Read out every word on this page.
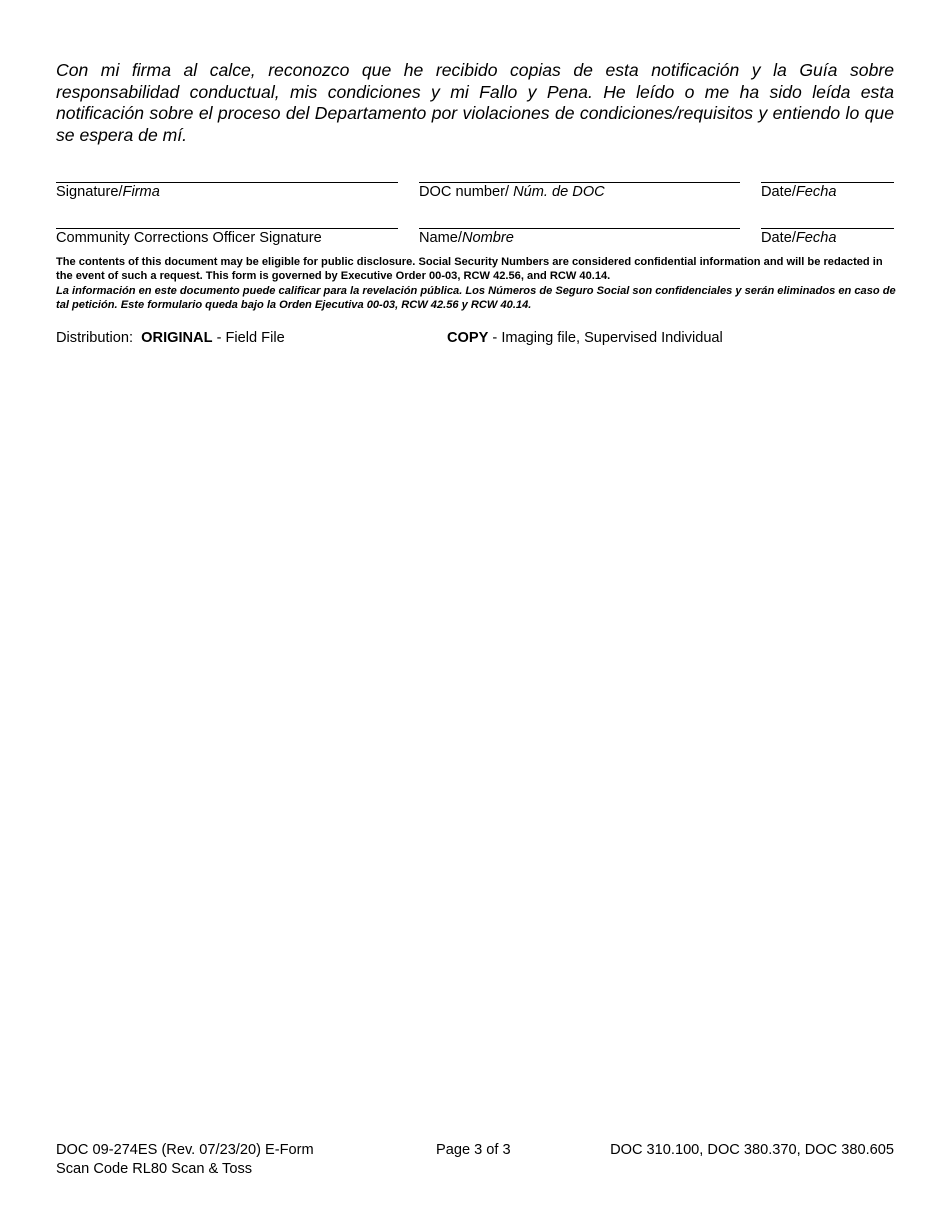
Con mi firma al calce, reconozco que he recibido copias de esta notificación y la Guía sobre responsabilidad conductual, mis condiciones y mi Fallo y Pena. He leído o me ha sido leída esta notificación sobre el proceso del Departamento por violaciones de condiciones/requisitos y entiendo lo que se espera de mí.

Signature/Firma	DOC number/ Núm. de DOC	Date/Fecha
Community Corrections Officer Signature	Name/Nombre	Date/Fecha

The contents of this document may be eligible for public disclosure. Social Security Numbers are considered confidential information and will be redacted in the event of such a request. This form is governed by Executive Order 00-03, RCW 42.56, and RCW 40.14.
La información en este documento puede calificar para la revelación pública. Los Números de Seguro Social son confidenciales y serán eliminados en caso de tal petición. Este formulario queda bajo la Orden Ejecutiva 00-03, RCW 42.56 y RCW 40.14.

Distribution:  ORIGINAL - Field File	COPY - Imaging file, Supervised Individual
DOC 09-274ES (Rev. 07/23/20) E-Form
Scan Code RL80 Scan & Toss
Page 3 of 3	DOC 310.100, DOC 380.370, DOC 380.605
